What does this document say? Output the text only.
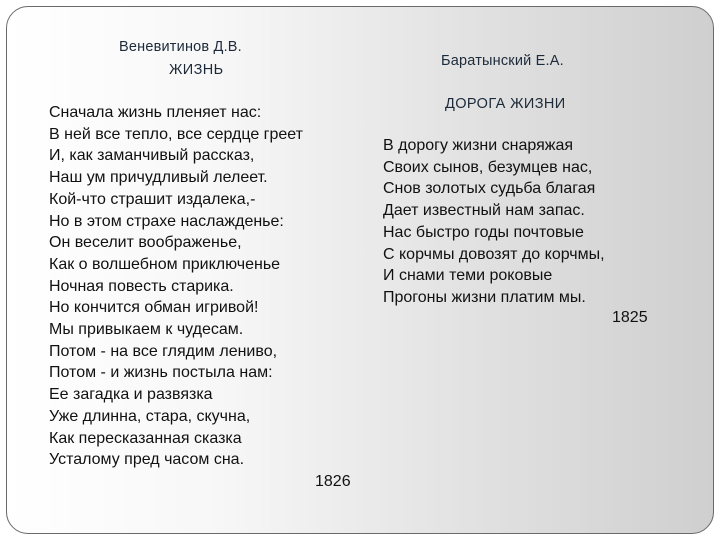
Веневитинов Д.В.
ЖИЗНЬ
Сначала жизнь пленяет нас:
В ней все тепло, все сердце греет
И, как заманчивый рассказ,
Наш ум причудливый лелеет.
Кой-что страшит издалека,-
Но в этом страхе наслажденье:
Он веселит воображенье,
Как о волшебном приключенье
Ночная повесть старика.
Но кончится обман игривой!
Мы привыкаем к чудесам.
Потом - на все глядим лениво,
Потом - и жизнь постыла нам:
Ее загадка и развязка
Уже длинна, стара, скучна,
Как пересказанная сказка
Усталому пред часом сна.
1826
Баратынский Е.А.
ДОРОГА ЖИЗНИ
В дорогу жизни снаряжая
Своих сынов, безумцев нас,
Снов золотых судьба благая
Дает известный нам запас.
Нас быстро годы почтовые
С корчмы довозят до корчмы,
И снами теми роковые
Прогоны жизни платим мы.
1825
